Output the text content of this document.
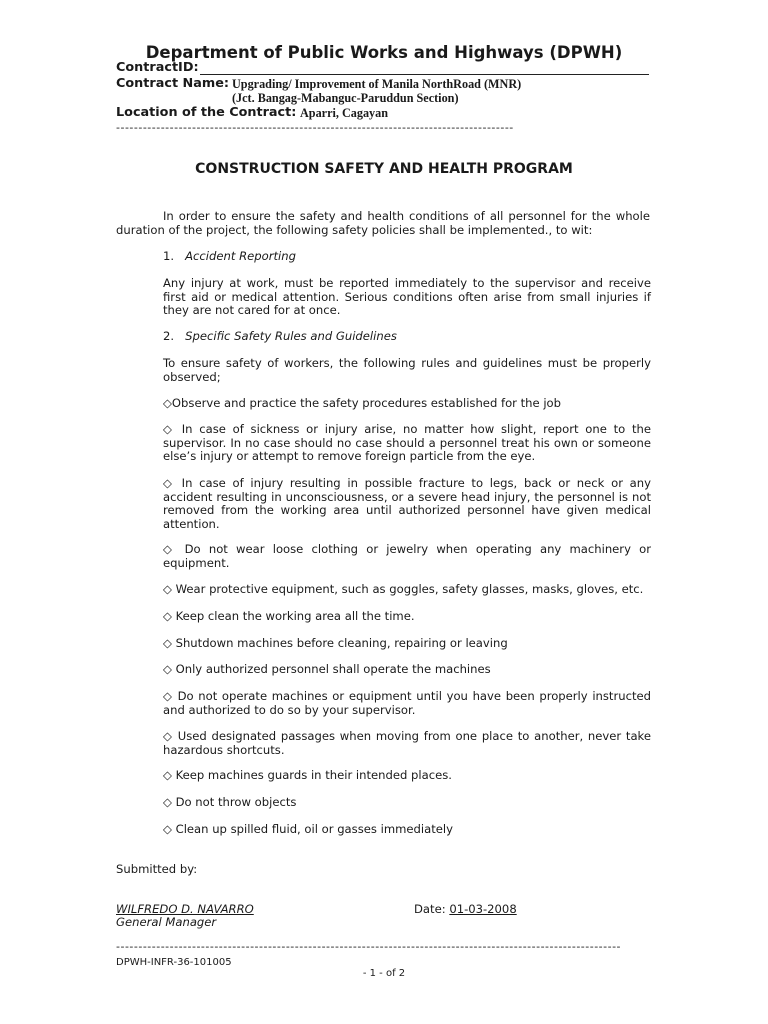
Department of Public Works and Highways (DPWH)
ContractID:
Contract Name: Upgrading/ Improvement of Manila NorthRoad (MNR)
(Jct. Bangag-Mabanguc-Paruddun Section)
Location of the Contract: Aparri, Cagayan
-----------------------------------------------------------------------------------------
CONSTRUCTION SAFETY AND HEALTH PROGRAM
In order to ensure the safety and health conditions of all personnel for the whole duration of the project, the following safety policies shall be implemented., to wit:
1. Accident Reporting
Any injury at work, must be reported immediately to the supervisor and receive first aid or medical attention. Serious conditions often arise from small injuries if they are not cared for at once.
2. Specific Safety Rules and Guidelines
To ensure safety of workers, the following rules and guidelines must be properly observed;
◇Observe and practice the safety procedures established for the job
◇ In case of sickness or injury arise, no matter how slight, report one to the supervisor. In no case should no case should a personnel treat his own or someone else’s injury or attempt to remove foreign particle from the eye.
◇ In case of injury resulting in possible fracture to legs, back or neck or any accident resulting in unconsciousness, or a severe head injury, the personnel is not removed from the working area until authorized personnel have given medical attention.
◇ Do not wear loose clothing or jewelry when operating any machinery or equipment.
◇ Wear protective equipment, such as goggles, safety glasses, masks, gloves, etc.
◇ Keep clean the working area all the time.
◇ Shutdown machines before cleaning, repairing or leaving
◇ Only authorized personnel shall operate the machines
◇ Do not operate machines or equipment until you have been properly instructed and authorized to do so by your supervisor.
◇ Used designated passages when moving from one place to another, never take hazardous shortcuts.
◇ Keep machines guards in their intended places.
◇ Do not throw objects
◇ Clean up spilled fluid, oil or gasses immediately
Submitted by:
WILFREDO D. NAVARRO
General Manager
Date: 01-03-2008
-----------------------------------------------------------------------------------------------------------------
DPWH-INFR-36-101005
- 1 - of 2
